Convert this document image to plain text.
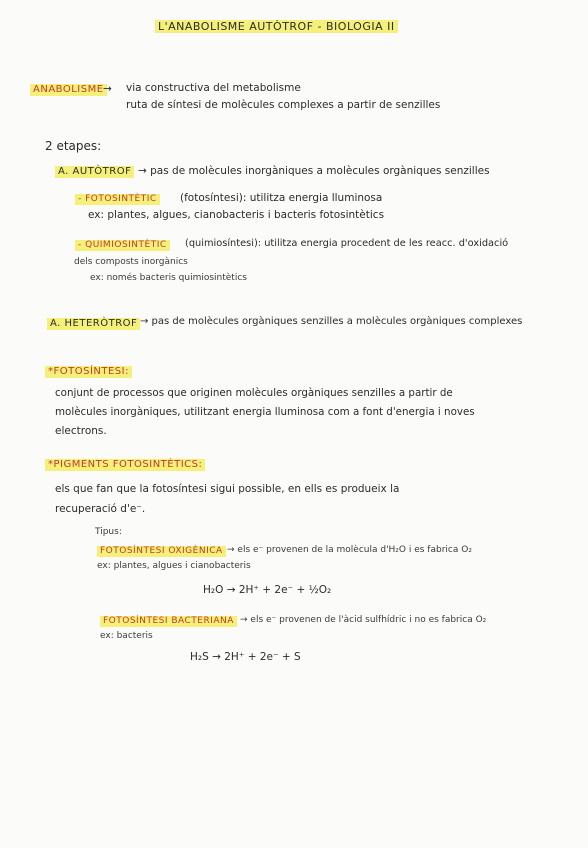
L'ANABOLISME AUTÒTROF - BIOLOGIA II
ANABOLISME → via constructiva del metabolisme
ruta de síntesi de molècules complexes a partir de senzilles
2 etapes:
A. AUTÒTROF → pas de molècules inorgàniques a molècules orgàniques senzilles
- FOTOSINTÈTIC (fotosíntesi): utilitza energia lluminosa
ex: plantes, algues, cianobacteris i bacteris fotosintètics
- QUIMIOSINTÈTIC	(quimiosíntesi): utilitza energia procedent de les reacc. d'oxidació
dels composts inorgànics
ex: només bacteris quimiosintètics
A. HETERÒTROF → pas de molècules orgàniques senzilles a molècules orgàniques complexes
*FOTOSÍNTESI:
conjunt de processos que originen molècules orgàniques senzilles a partir de
molècules inorgàniques, utilitzant energia lluminosa com a font d'energia i noves
electrons.
*PIGMENTS FOTOSINTÈTICS:
els que fan que la fotosíntesi sigui possible, en ells es produeix la
recuperació d'e⁻.
Tipus:
FOTOSÍNTESI OXIGÈNICA → els e⁻ provenen de la molècula d'H₂O i es fabrica O₂
ex: plantes, algues i cianobacteris
H₂O → 2H⁺ + 2e⁻ + ½O₂
FOTOSÍNTESI BACTERIANA → els e⁻ provenen de l'àcid sulfhídric i no es fabrica O₂
ex: bacteris
H₂S → 2H⁺ + 2e⁻ + S
